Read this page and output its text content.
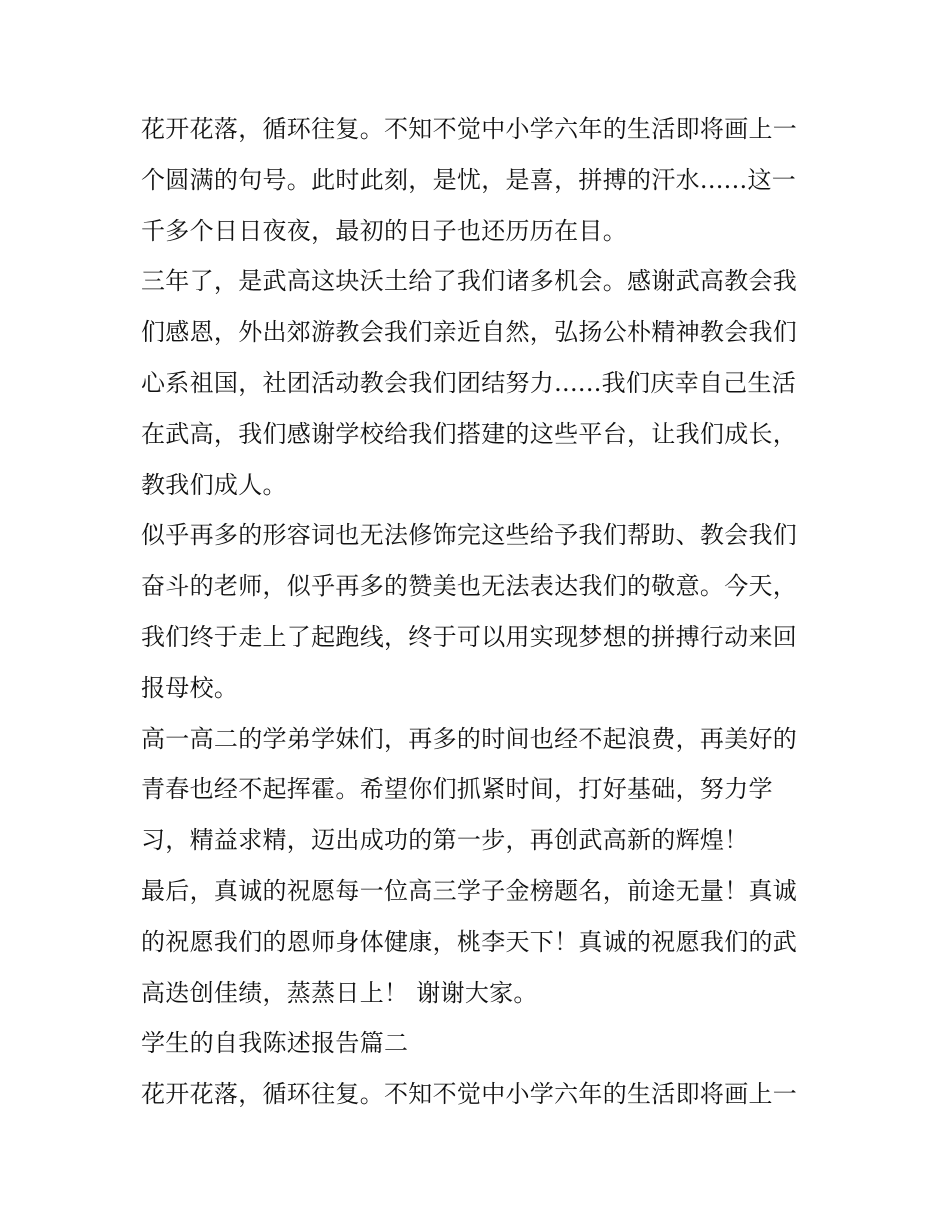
花开花落，循环往复。不知不觉中小学六年的生活即将画上一
个圆满的句号。此时此刻，是忧，是喜，拼搏的汗水......这一
千多个日日夜夜，最初的日子也还历历在目。

三年了，是武高这块沃土给了我们诸多机会。感谢武高教会我
们感恩，外出郊游教会我们亲近自然，弘扬公朴精神教会我们
心系祖国，社团活动教会我们团结努力......我们庆幸自己生活
在武高，我们感谢学校给我们搭建的这些平台，让我们成长，
教我们成人。

似乎再多的形容词也无法修饰完这些给予我们帮助、教会我们
奋斗的老师，似乎再多的赞美也无法表达我们的敬意。今天，
我们终于走上了起跑线，终于可以用实现梦想的拼搏行动来回
报母校。

高一高二的学弟学妹们，再多的时间也经不起浪费，再美好的
青春也经不起挥霍。希望你们抓紧时间，打好基础，努力学
习，精益求精，迈出成功的第一步，再创武高新的辉煌！

最后，真诚的祝愿每一位高三学子金榜题名，前途无量！真诚
的祝愿我们的恩师身体健康，桃李天下！真诚的祝愿我们的武
高迭创佳绩，蒸蒸日上！ 谢谢大家。

学生的自我陈述报告篇二

花开花落，循环往复。不知不觉中小学六年的生活即将画上一
